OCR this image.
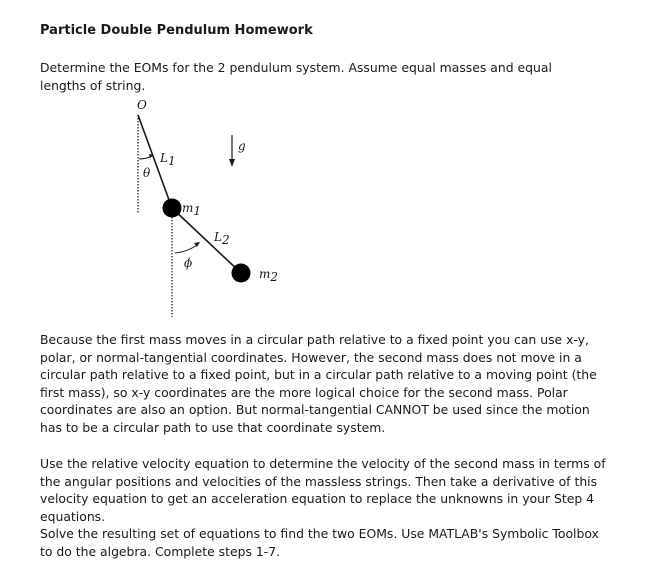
Particle Double Pendulum Homework

Determine the EOMs for the 2 pendulum system. Assume equal masses and equal lengths of string.

O
θ
L1
g
ϕ
L2
m1
m2

Because the first mass moves in a circular path relative to a fixed point you can use x-y, polar, or normal-tangential coordinates. However, the second mass does not move in a circular path relative to a fixed point, but in a circular path relative to a moving point (the first mass), so x-y coordinates are the more logical choice for the second mass. Polar coordinates are also an option. But normal-tangential CANNOT be used since the motion has to be a circular path to use that coordinate system.

Use the relative velocity equation to determine the velocity of the second mass in terms of the angular positions and velocities of the massless strings. Then take a derivative of this velocity equation to get an acceleration equation to replace the unknowns in your Step 4 equations.

Solve the resulting set of equations to find the two EOMs. Use MATLAB's Symbolic Toolbox to do the algebra. Complete steps 1-7.
